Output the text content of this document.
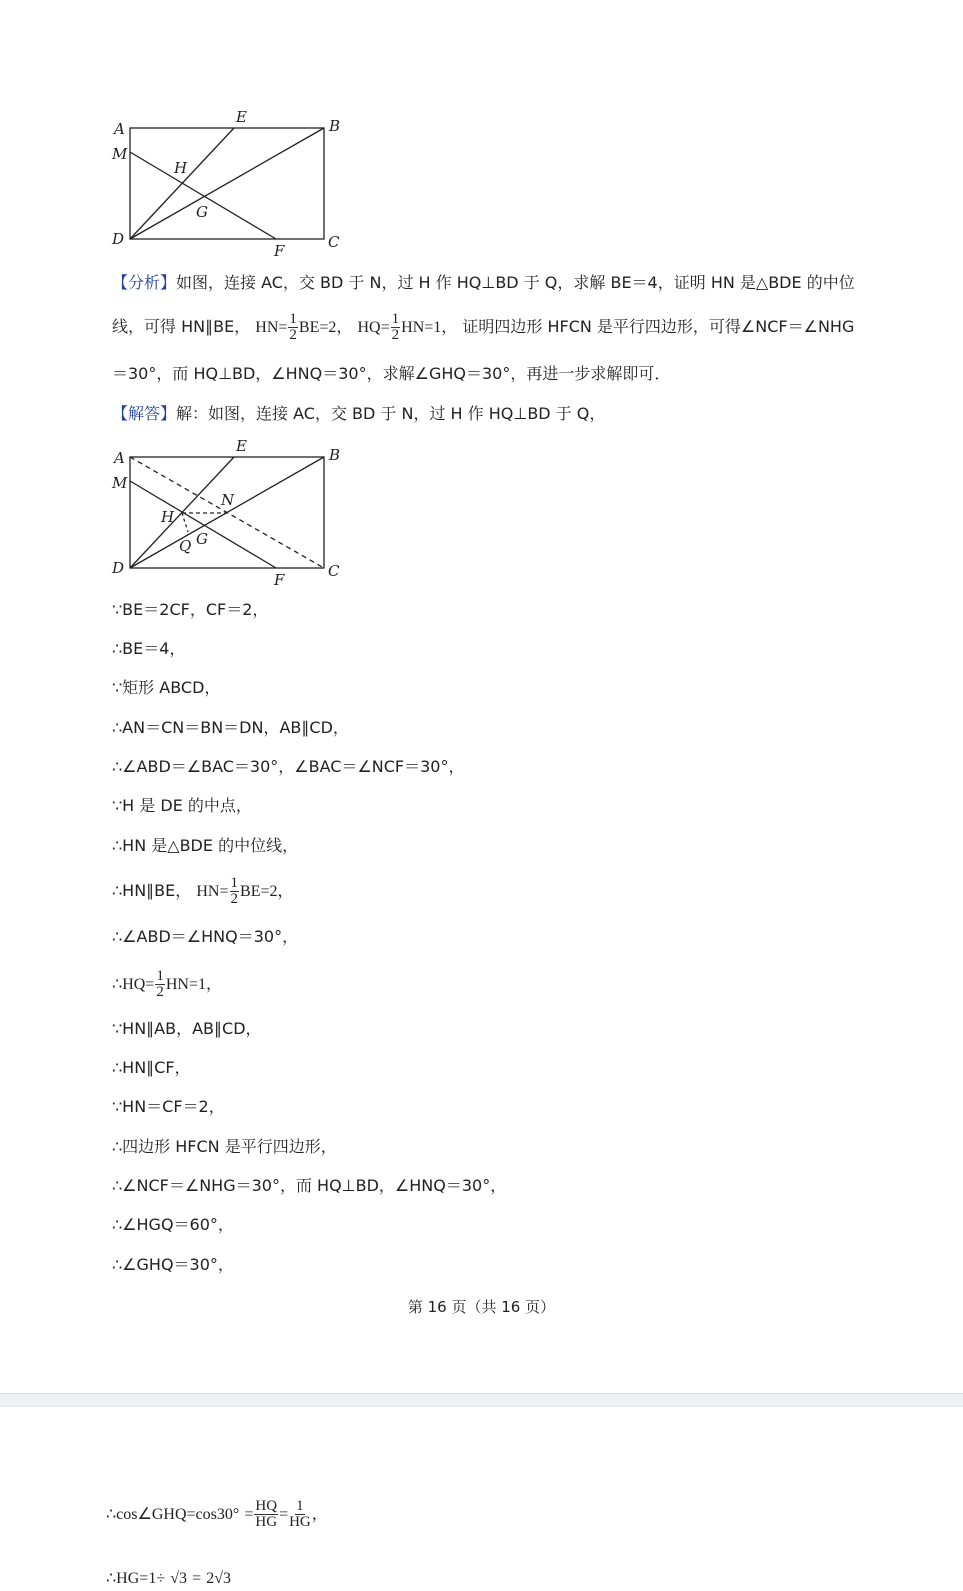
A
E	B
M
H
G
D
F	C
【分析】如图，连接 AC，交 BD 于 N，过 H 作 HQ⊥BD 于 Q，求解 BE＝4，证明 HN 是△BDE 的中位
线，可得 HN∥BE， $HN= \frac{1}{2} BE=2$， $HQ= \frac{1}{2} HN=1$， 证明四边形 HFCN 是平行四边形，可得∠NCF＝∠NHG
＝30°，而 HQ⊥BD，∠HNQ＝30°，求解∠GHQ＝30°，再进一步求解即可．
【解答】解：如图，连接 AC，交 BD 于 N，过 H 作 HQ⊥BD 于 Q，
A
E	B
M
N
H
Q G
D
F	C
∵BE＝2CF，CF＝2，
∴BE＝4，
∵矩形 ABCD，
∴AN＝CN＝BN＝DN，AB∥CD，
∴∠ABD＝∠BAC＝30°，∠BAC＝∠NCF＝30°，
∵H 是 DE 的中点，
∴HN 是△BDE 的中位线，
∴HN∥BE， $HN= \frac{1}{2} BE=2$，
∴∠ABD＝∠HNQ＝30°，
∴HQ= $\frac{1}{2} HN=1$，
∵HN∥AB，AB∥CD，
∴HN∥CF，
∵HN＝CF＝2，
∴四边形 HFCN 是平行四边形，
∴∠NCF＝∠NHG＝30°，而 HQ⊥BD，∠HNQ＝30°，
∴∠HGQ＝60°，
∴∠GHQ＝30°，
第 16 页（共 16 页）
∴cos∠GHQ=cos30° = $\frac{HQ}{HG} = \frac{1}{HG}$ ，
∴HG=1÷ √3 = 2√3
